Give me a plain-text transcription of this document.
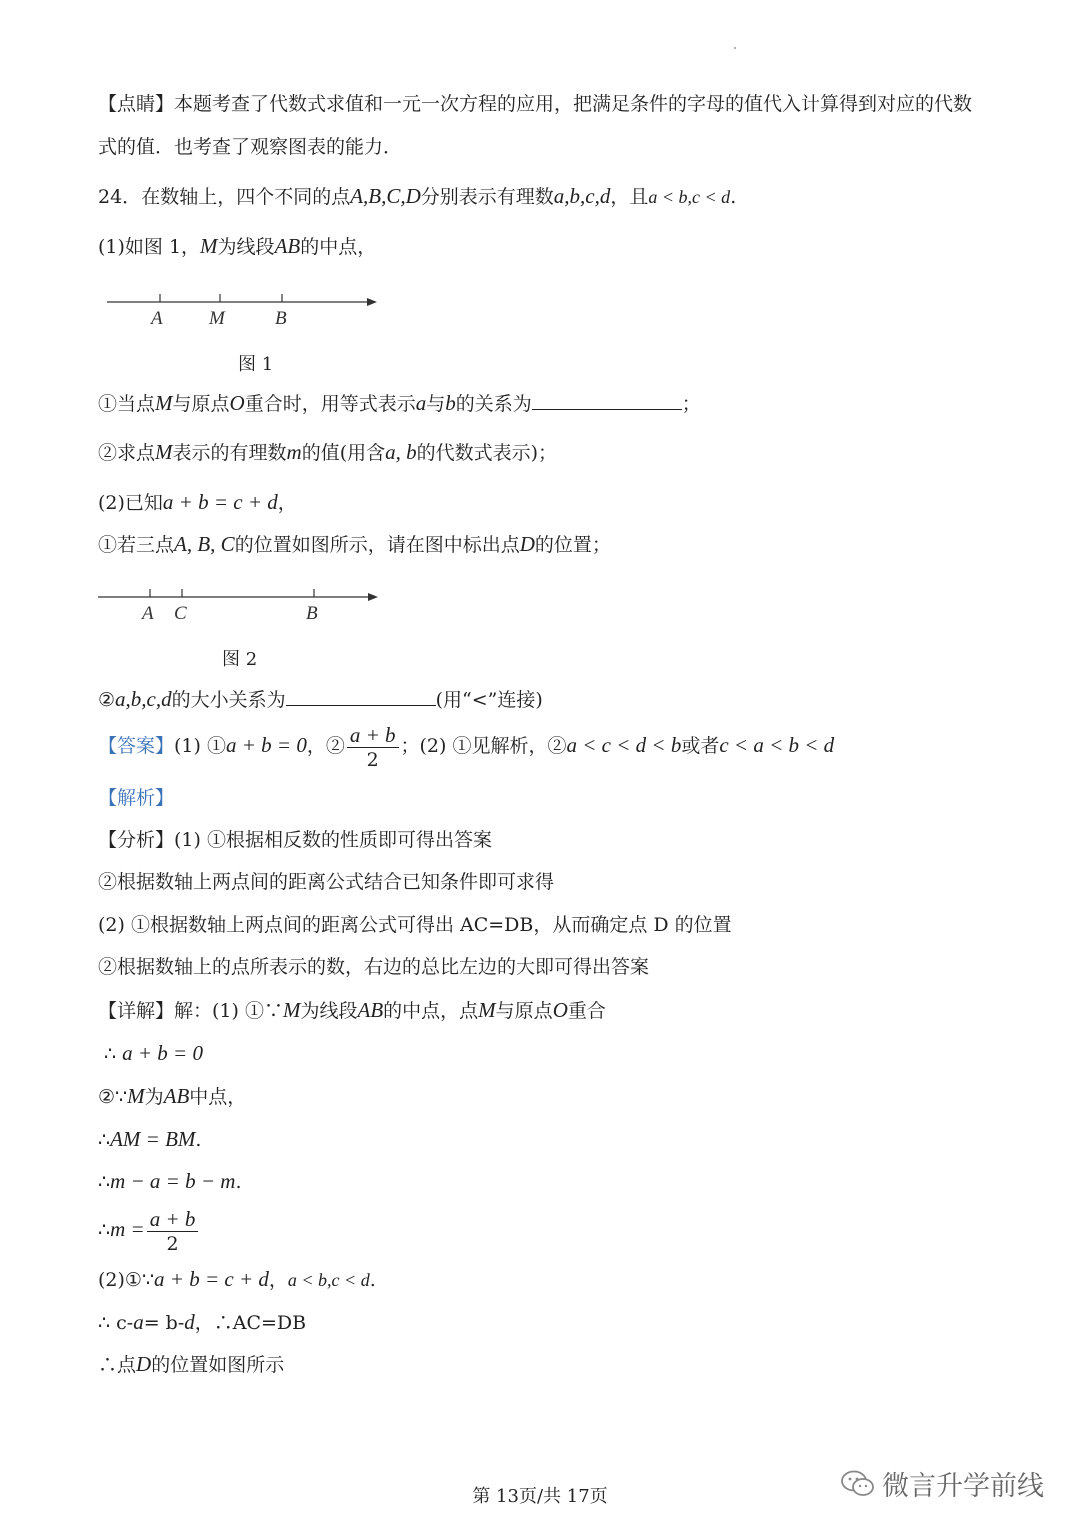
【点睛】本题考查了代数式求值和一元一次方程的应用，把满足条件的字母的值代入计算得到对应的代数
式的值．也考查了观察图表的能力．
24．在数轴上，四个不同的点A,B,C,D分别表示有理数a,b,c,d，且a < b,c < d.
(1)如图 1，M为线段AB的中点，
A M	B
图 1
①当点M与原点O重合时，用等式表示a与b的关系为	；
②求点M表示的有理数m的值(用含a, b的代数式表示)；
(2)已知a + b = c + d，
①若三点A, B, C的位置如图所示，请在图中标出点D的位置；
A C	B
图 2
②a,b,c,d的大小关系为	(用“<”连接)
【答案】(1) ①a + b = 0，② $\frac{a + b}{2}$ ；(2) ①见解析，②a < c < d < b或者c < a < b < d
【解析】
【分析】(1) ①根据相反数的性质即可得出答案
②根据数轴上两点间的距离公式结合已知条件即可求得
(2) ①根据数轴上两点间的距离公式可得出 AC=DB，从而确定点 D 的位置
②根据数轴上的点所表示的数，右边的总比左边的大即可得出答案
【详解】解：(1) ①∵M为线段AB的中点，点M与原点O重合
∴ a + b = 0
②∵M为AB中点，
∴AM = BM.
∴m − a = b − m.
∴m = $\frac{a + b}{2}$
(2)①∵a + b = c + d，a < b,c < d.
∴ c-a= b-d，∴AC=DB
∴点D的位置如图所示
第 13页/共 17页	微言升学前线
